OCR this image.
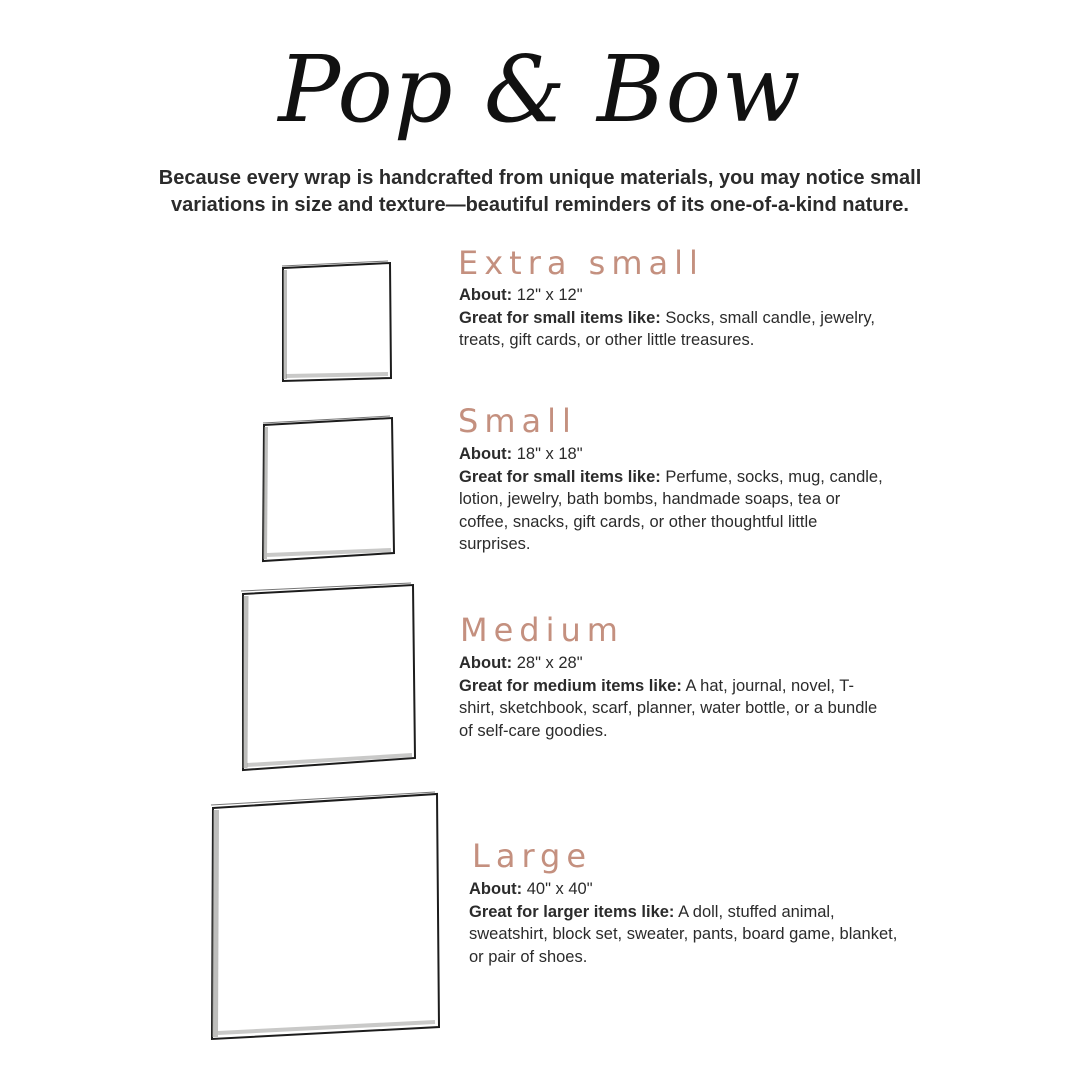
Pop & Bow
Because every wrap is handcrafted from unique materials, you may notice small variations in size and texture—beautiful reminders of its one-of-a-kind nature.
Extra small
About: 12" x 12"
Great for small items like: Socks, small candle, jewelry, treats, gift cards, or other little treasures.
Small
About: 18" x 18"
Great for small items like: Perfume, socks, mug, candle, lotion, jewelry, bath bombs, handmade soaps, tea or coffee, snacks, gift cards, or other thoughtful little surprises.
Medium
About: 28" x 28"
Great for medium items like: A hat, journal, novel, T-shirt, sketchbook, scarf, planner, water bottle, or a bundle of self-care goodies.
Large
About: 40" x 40"
Great for larger items like: A doll, stuffed animal, sweatshirt, block set, sweater, pants, board game, blanket, or pair of shoes.
